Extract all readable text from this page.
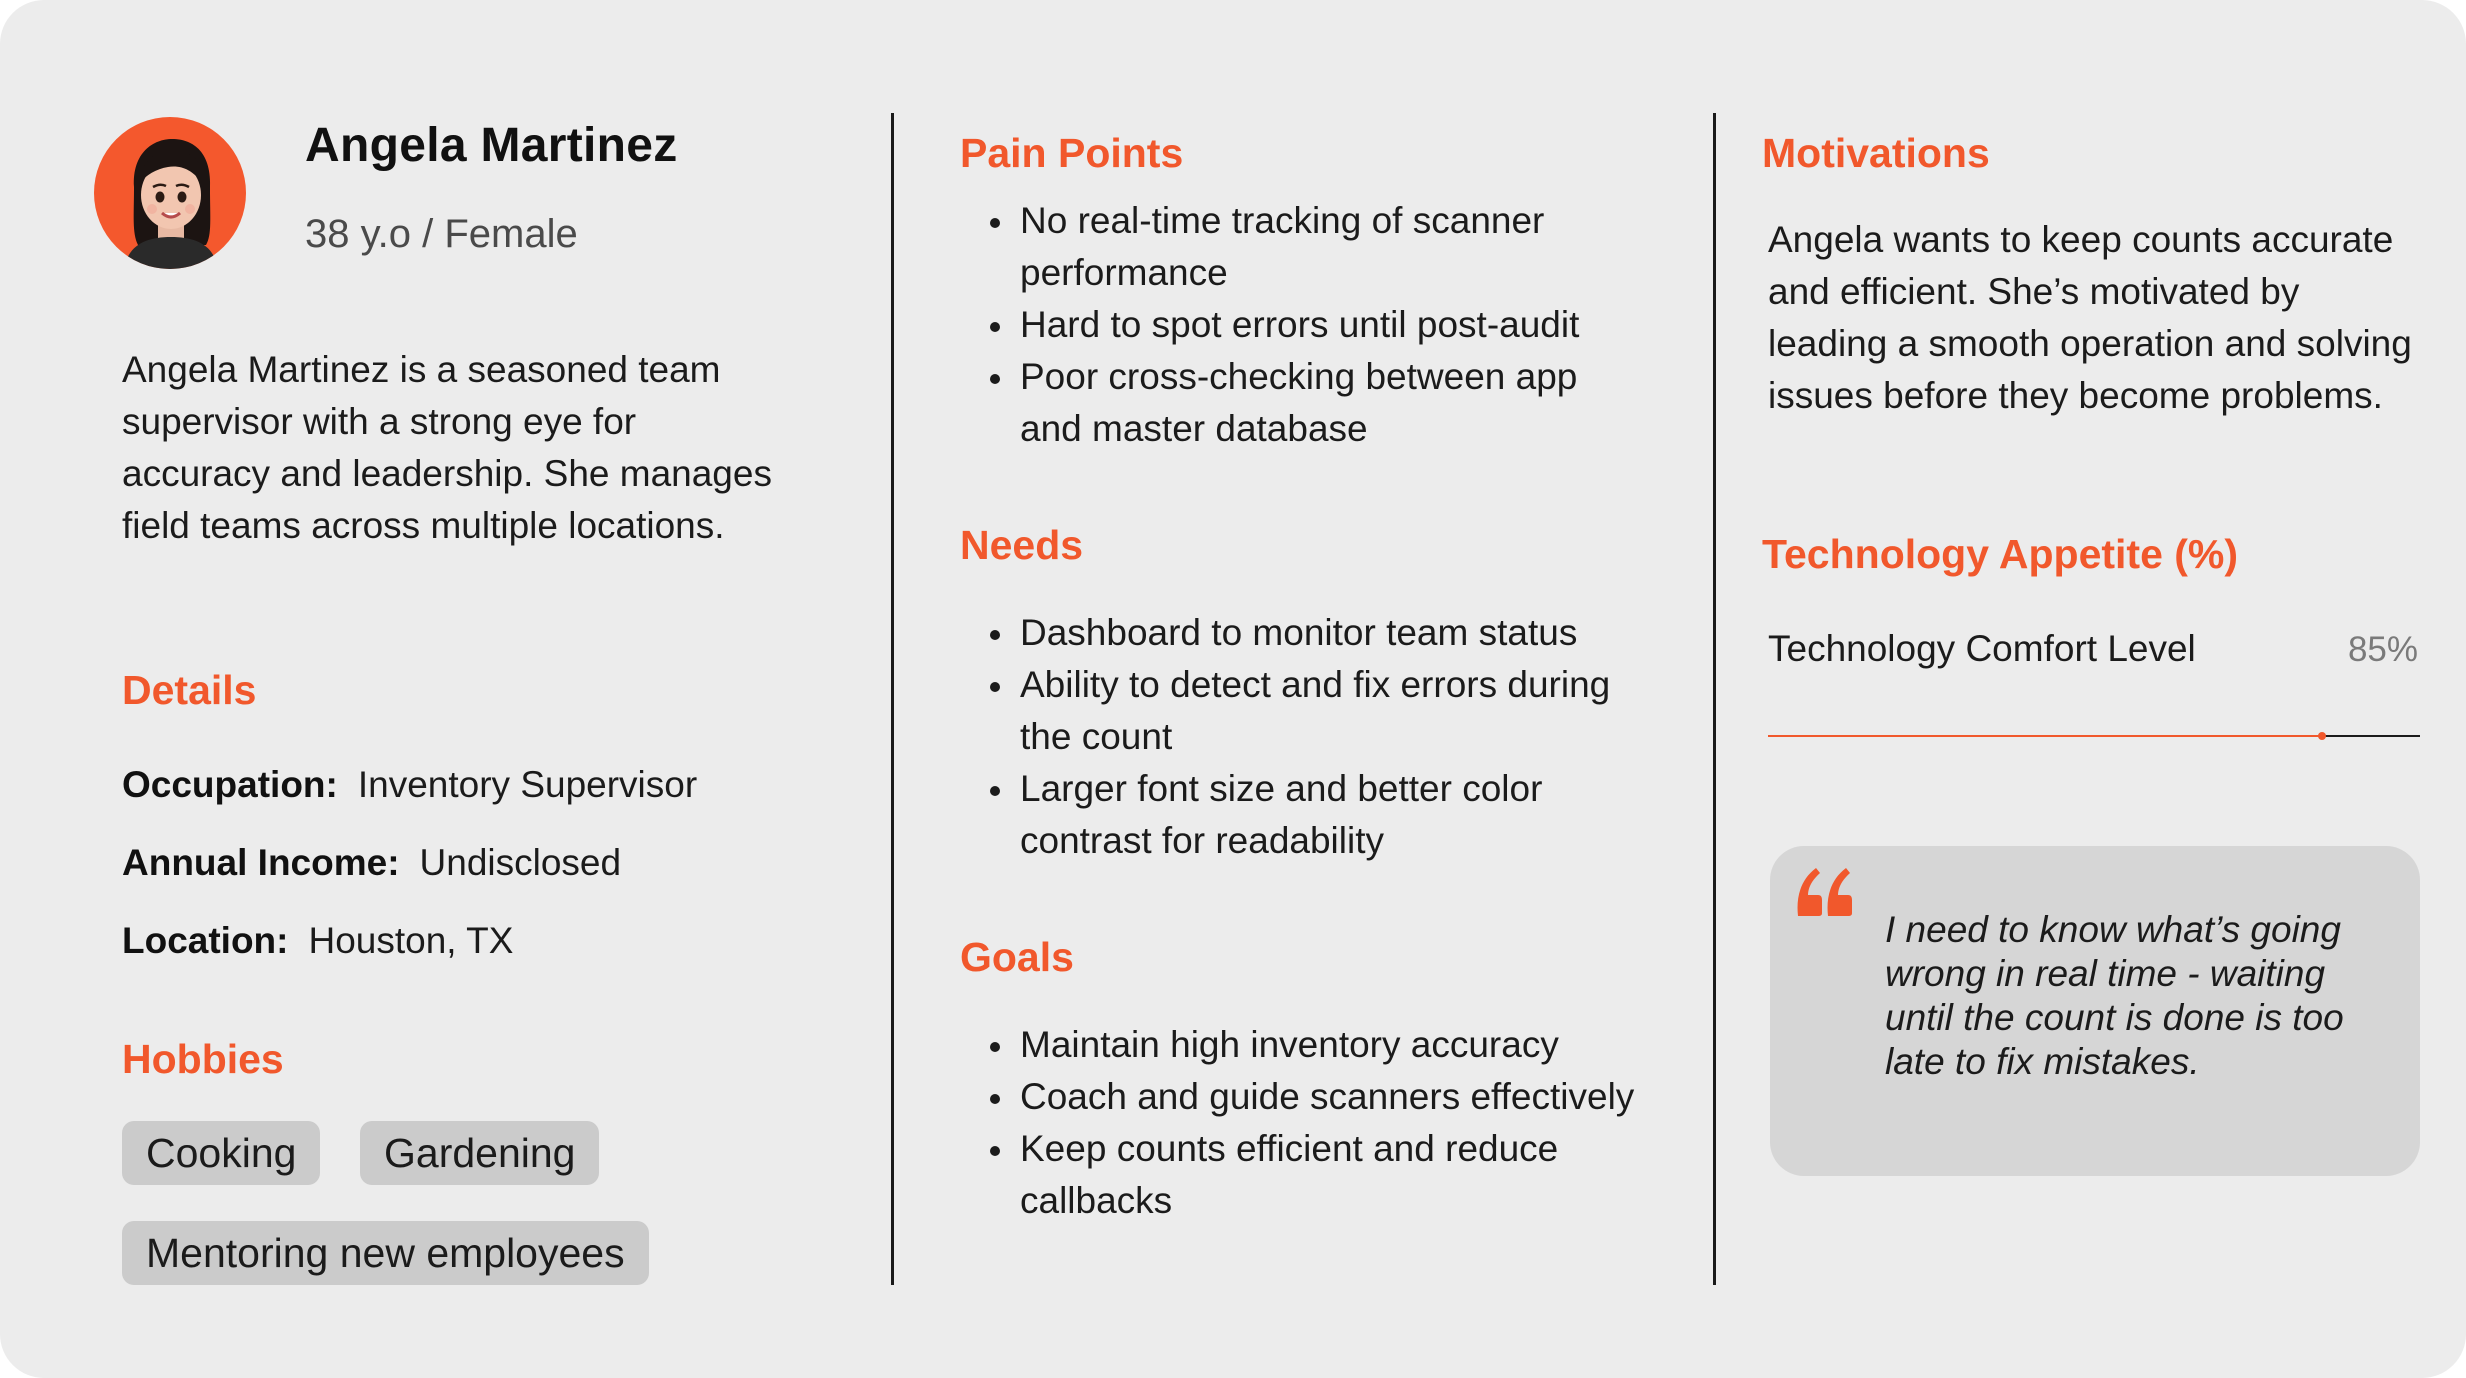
Angela Martinez
38 y.o / Female
Angela Martinez is a seasoned team supervisor with a strong eye for accuracy and leadership. She manages field teams across multiple locations.
Details
Occupation: Inventory Supervisor
Annual Income: Undisclosed
Location: Houston, TX
Hobbies
Cooking	Gardening
Mentoring new employees
Pain Points
No real-time tracking of scanner performance
Hard to spot errors until post-audit
Poor cross-checking between app and master database
Needs
Dashboard to monitor team status
Ability to detect and fix errors during the count
Larger font size and better color contrast for readability
Goals
Maintain high inventory accuracy
Coach and guide scanners effectively
Keep counts efficient and reduce callbacks
Motivations
Angela wants to keep counts accurate and efficient. She’s motivated by leading a smooth operation and solving issues before they become problems.
Technology Appetite (%)
Technology Comfort Level	85%
I need to know what’s going wrong in real time - waiting until the count is done is too late to fix mistakes.
